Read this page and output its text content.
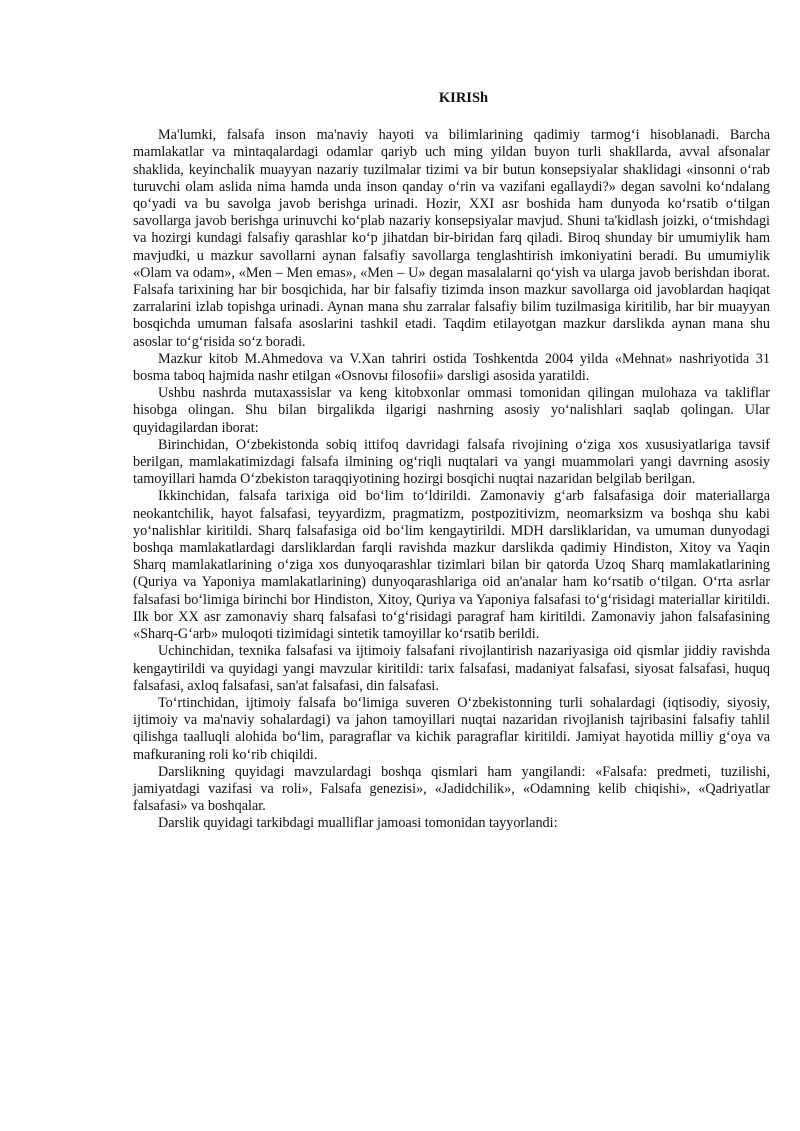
KIRISh

Ma'lumki, falsafa inson ma'naviy hayoti va bilimlarining qadimiy tarmog‘i hisoblanadi. Barcha mamlakatlar va mintaqalardagi odamlar qariyb uch ming yildan buyon turli shakllarda, avval afsonalar shaklida, keyinchalik muayyan nazariy tuzilmalar tizimi va bir butun konsepsiyalar shaklidagi «insonni o‘rab turuvchi olam aslida nima hamda unda inson qanday o‘rin va vazifani egallaydi?» degan savolni ko‘ndalang qo‘yadi va bu savolga javob berishga urinadi. Hozir, XXI asr boshida ham dunyoda ko‘rsatib o‘tilgan savollarga javob berishga urinuvchi ko‘plab nazariy konsepsiyalar mavjud. Shuni ta'kidlash joizki, o‘tmishdagi va hozirgi kundagi falsafiy qarashlar ko‘p jihatdan bir-biridan farq qiladi. Biroq shunday bir umumiylik ham mavjudki, u mazkur savollarni aynan falsafiy savollarga tenglashtirish imkoniyatini beradi. Bu umumiylik «Olam va odam», «Men – Men emas», «Men – U» degan masalalarni qo‘yish va ularga javob berishdan iborat. Falsafa tarixining har bir bosqichida, har bir falsafiy tizimda inson mazkur savollarga oid javoblardan haqiqat zarralarini izlab topishga urinadi. Aynan mana shu zarralar falsafiy bilim tuzilmasiga kiritilib, har bir muayyan bosqichda umuman falsafa asoslarini tashkil etadi. Taqdim etilayotgan mazkur darslikda aynan mana shu asoslar to‘g‘risida so‘z boradi.

Mazkur kitob M.Ahmedova va V.Xan tahriri ostida Toshkentda 2004 yilda «Mehnat» nashriyotida 31 bosma taboq hajmida nashr etilgan «Osnovы filosofii» darsligi asosida yaratildi.

Ushbu nashrda mutaxassislar va keng kitobxonlar ommasi tomonidan qilingan mulohaza va takliflar hisobga olingan. Shu bilan birgalikda ilgarigi nashrning asosiy yo‘nalishlari saqlab qolingan. Ular quyidagilardan iborat:

Birinchidan, O‘zbekistonda sobiq ittifoq davridagi falsafa rivojining o‘ziga xos xususiyatlariga tavsif berilgan, mamlakatimizdagi falsafa ilmining og‘riqli nuqtalari va yangi muammolari yangi davrning asosiy tamoyillari hamda O‘zbekiston taraqqiyotining hozirgi bosqichi nuqtai nazaridan belgilab berilgan.

Ikkinchidan, falsafa tarixiga oid bo‘lim to‘ldirildi. Zamonaviy g‘arb falsafasiga doir materiallarga neokantchilik, hayot falsafasi, teyyardizm, pragmatizm, postpozitivizm, neomarksizm va boshqa shu kabi yo‘nalishlar kiritildi. Sharq falsafasiga oid bo‘lim kengaytirildi. MDH darsliklaridan, va umuman dunyodagi boshqa mamlakatlardagi darsliklardan farqli ravishda mazkur darslikda qadimiy Hindiston, Xitoy va Yaqin Sharq mamlakatlarining o‘ziga xos dunyoqarashlar tizimlari bilan bir qatorda Uzoq Sharq mamlakatlarining (Quriya va Yaponiya mamlakatlarining) dunyoqarashlariga oid an'analar ham ko‘rsatib o‘tilgan. O‘rta asrlar falsafasi bo‘limiga birinchi bor Hindiston, Xitoy, Quriya va Yaponiya falsafasi to‘g‘risidagi materiallar kiritildi. Ilk bor XX asr zamonaviy sharq falsafasi to‘g‘risidagi paragraf ham kiritildi. Zamonaviy jahon falsafasining «Sharq-G‘arb» muloqoti tizimidagi sintetik tamoyillar ko‘rsatib berildi.

Uchinchidan, texnika falsafasi va ijtimoiy falsafani rivojlantirish nazariyasiga oid qismlar jiddiy ravishda kengaytirildi va quyidagi yangi mavzular kiritildi: tarix falsafasi, madaniyat falsafasi, siyosat falsafasi, huquq falsafasi, axloq falsafasi, san'at falsafasi, din falsafasi.

To‘rtinchidan, ijtimoiy falsafa bo‘limiga suveren O‘zbekistonning turli sohalardagi (iqtisodiy, siyosiy, ijtimoiy va ma'naviy sohalardagi) va jahon tamoyillari nuqtai nazaridan rivojlanish tajribasini falsafiy tahlil qilishga taalluqli alohida bo‘lim, paragraflar va kichik paragraflar kiritildi. Jamiyat hayotida milliy g‘oya va mafkuraning roli ko‘rib chiqildi.

Darslikning quyidagi mavzulardagi boshqa qismlari ham yangilandi: «Falsafa: predmeti, tuzilishi, jamiyatdagi vazifasi va roli», Falsafa genezisi», «Jadidchilik», «Odamning kelib chiqishi», «Qadriyatlar falsafasi» va boshqalar.

Darslik quyidagi tarkibdagi mualliflar jamoasi tomonidan tayyorlandi:
